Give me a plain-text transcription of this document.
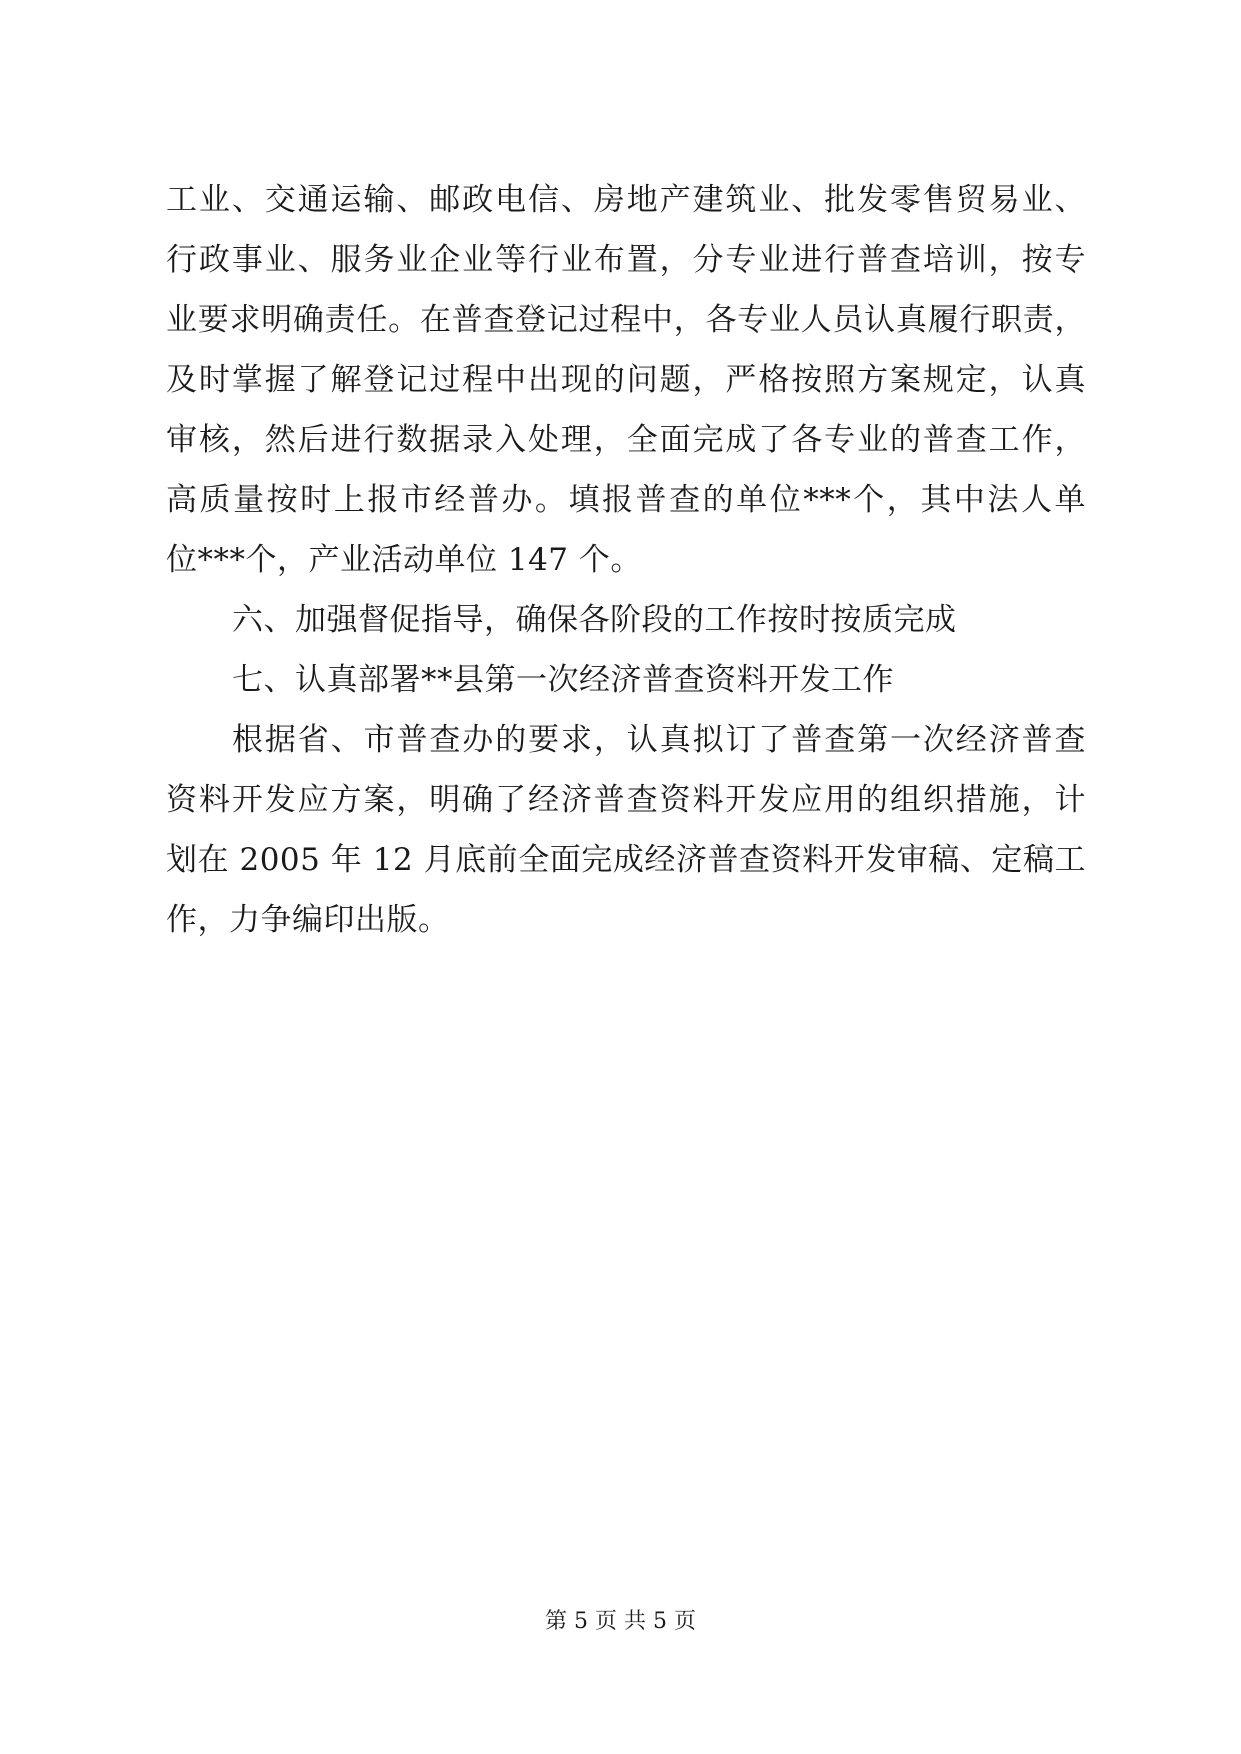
工业、交通运输、邮政电信、房地产建筑业、批发零售贸易业、
行政事业、服务业企业等行业布置，分专业进行普查培训，按专
业要求明确责任。在普查登记过程中，各专业人员认真履行职责，
及时掌握了解登记过程中出现的问题，严格按照方案规定，认真
审核，然后进行数据录入处理，全面完成了各专业的普查工作，
高质量按时上报市经普办。填报普查的单位***个，其中法人单
位***个，产业活动单位 147 个。
六、加强督促指导，确保各阶段的工作按时按质完成
七、认真部署**县第一次经济普查资料开发工作
根据省、市普查办的要求，认真拟订了普查第一次经济普查
资料开发应方案，明确了经济普查资料开发应用的组织措施，计
划在 2005 年 12 月底前全面完成经济普查资料开发审稿、定稿工
作，力争编印出版。
第 5 页 共 5 页
